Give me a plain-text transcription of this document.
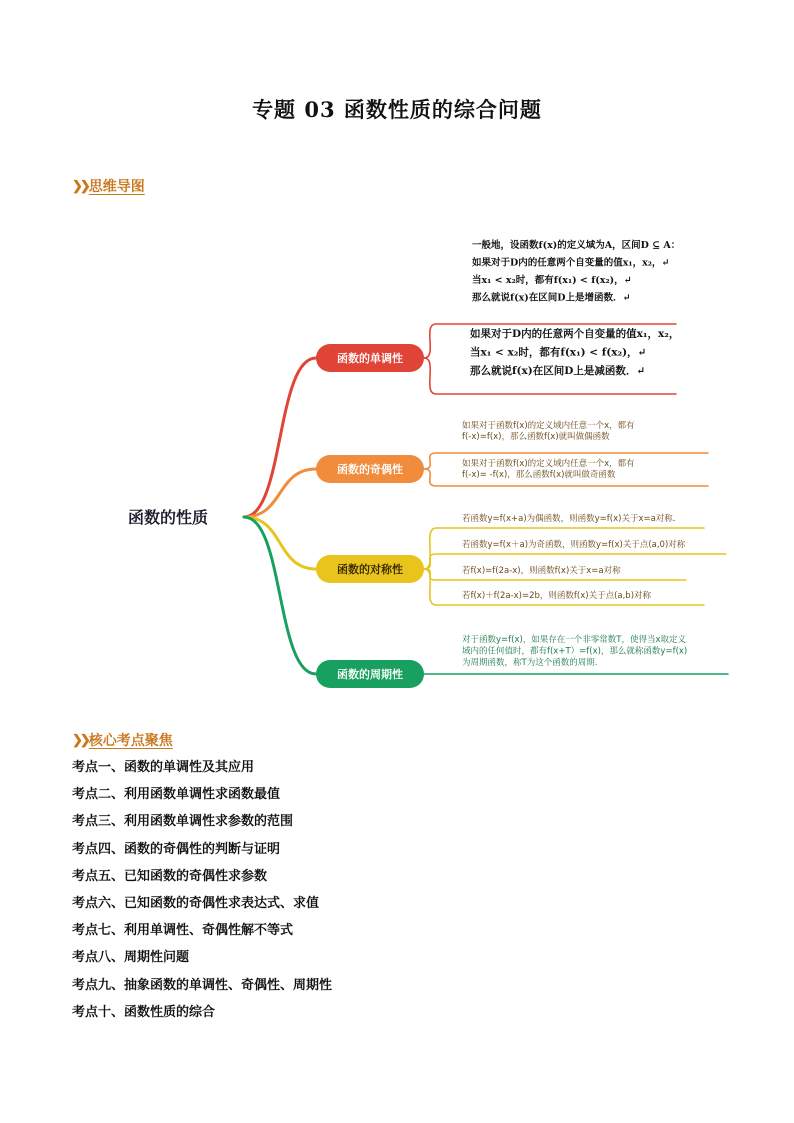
专题 03 函数性质的综合问题
❯❯ 思维导图
函数的性质
函数的单调性
一般地，设函数f(x)的定义域为A，区间D ⊆ A：
如果对于D内的任意两个自变量的值x₁，x₂，↵
当x₁ < x₂时，都有f(x₁) < f(x₂)，↵
那么就说f(x)在区间D上是增函数．↵
如果对于D内的任意两个自变量的值x₁，x₂，
当x₁ < x₂时，都有f(x₁) < f(x₂)，↵
那么就说f(x)在区间D上是减函数．↵
函数的奇偶性
如果对于函数f(x)的定义域内任意一个x，都有
f(-x)=f(x)，那么函数f(x)就叫做偶函数
如果对于函数f(x)的定义域内任意一个x，都有
f(-x)= -f(x)，那么函数f(x)就叫做奇函数
函数的对称性
若函数y=f(x+a)为偶函数，则函数y=f(x)关于x=a对称．
若函数y=f(x＋a)为奇函数，则函数y=f(x)关于点(a,0)对称
若f(x)=f(2a-x)，则函数f(x)关于x=a对称
若f(x)＋f(2a-x)=2b，则函数f(x)关于点(a,b)对称
函数的周期性
对于函数y=f(x)，如果存在一个非零常数T，使得当x取定义
域内的任何值时，都有f(x+T）=f(x)，那么就称函数y=f(x)
为周期函数，称T为这个函数的周期.
❯❯ 核心考点聚焦
考点一、函数的单调性及其应用
考点二、利用函数单调性求函数最值
考点三、利用函数单调性求参数的范围
考点四、函数的奇偶性的判断与证明
考点五、已知函数的奇偶性求参数
考点六、已知函数的奇偶性求表达式、求值
考点七、利用单调性、奇偶性解不等式
考点八、周期性问题
考点九、抽象函数的单调性、奇偶性、周期性
考点十、函数性质的综合
